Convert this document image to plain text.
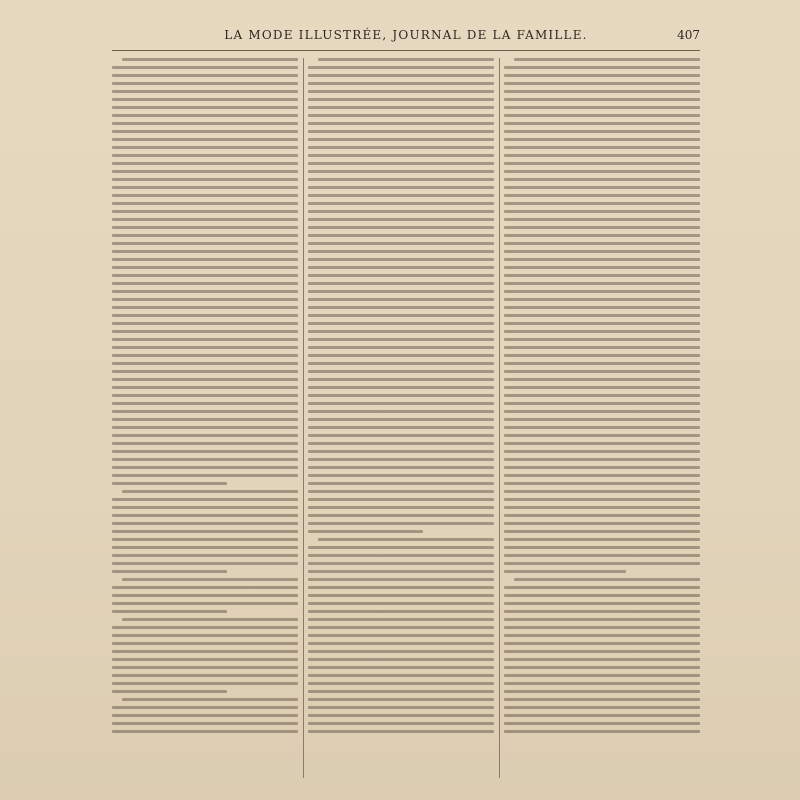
LA MODE ILLUSTRÉE, JOURNAL DE LA FAMILLE.	407
